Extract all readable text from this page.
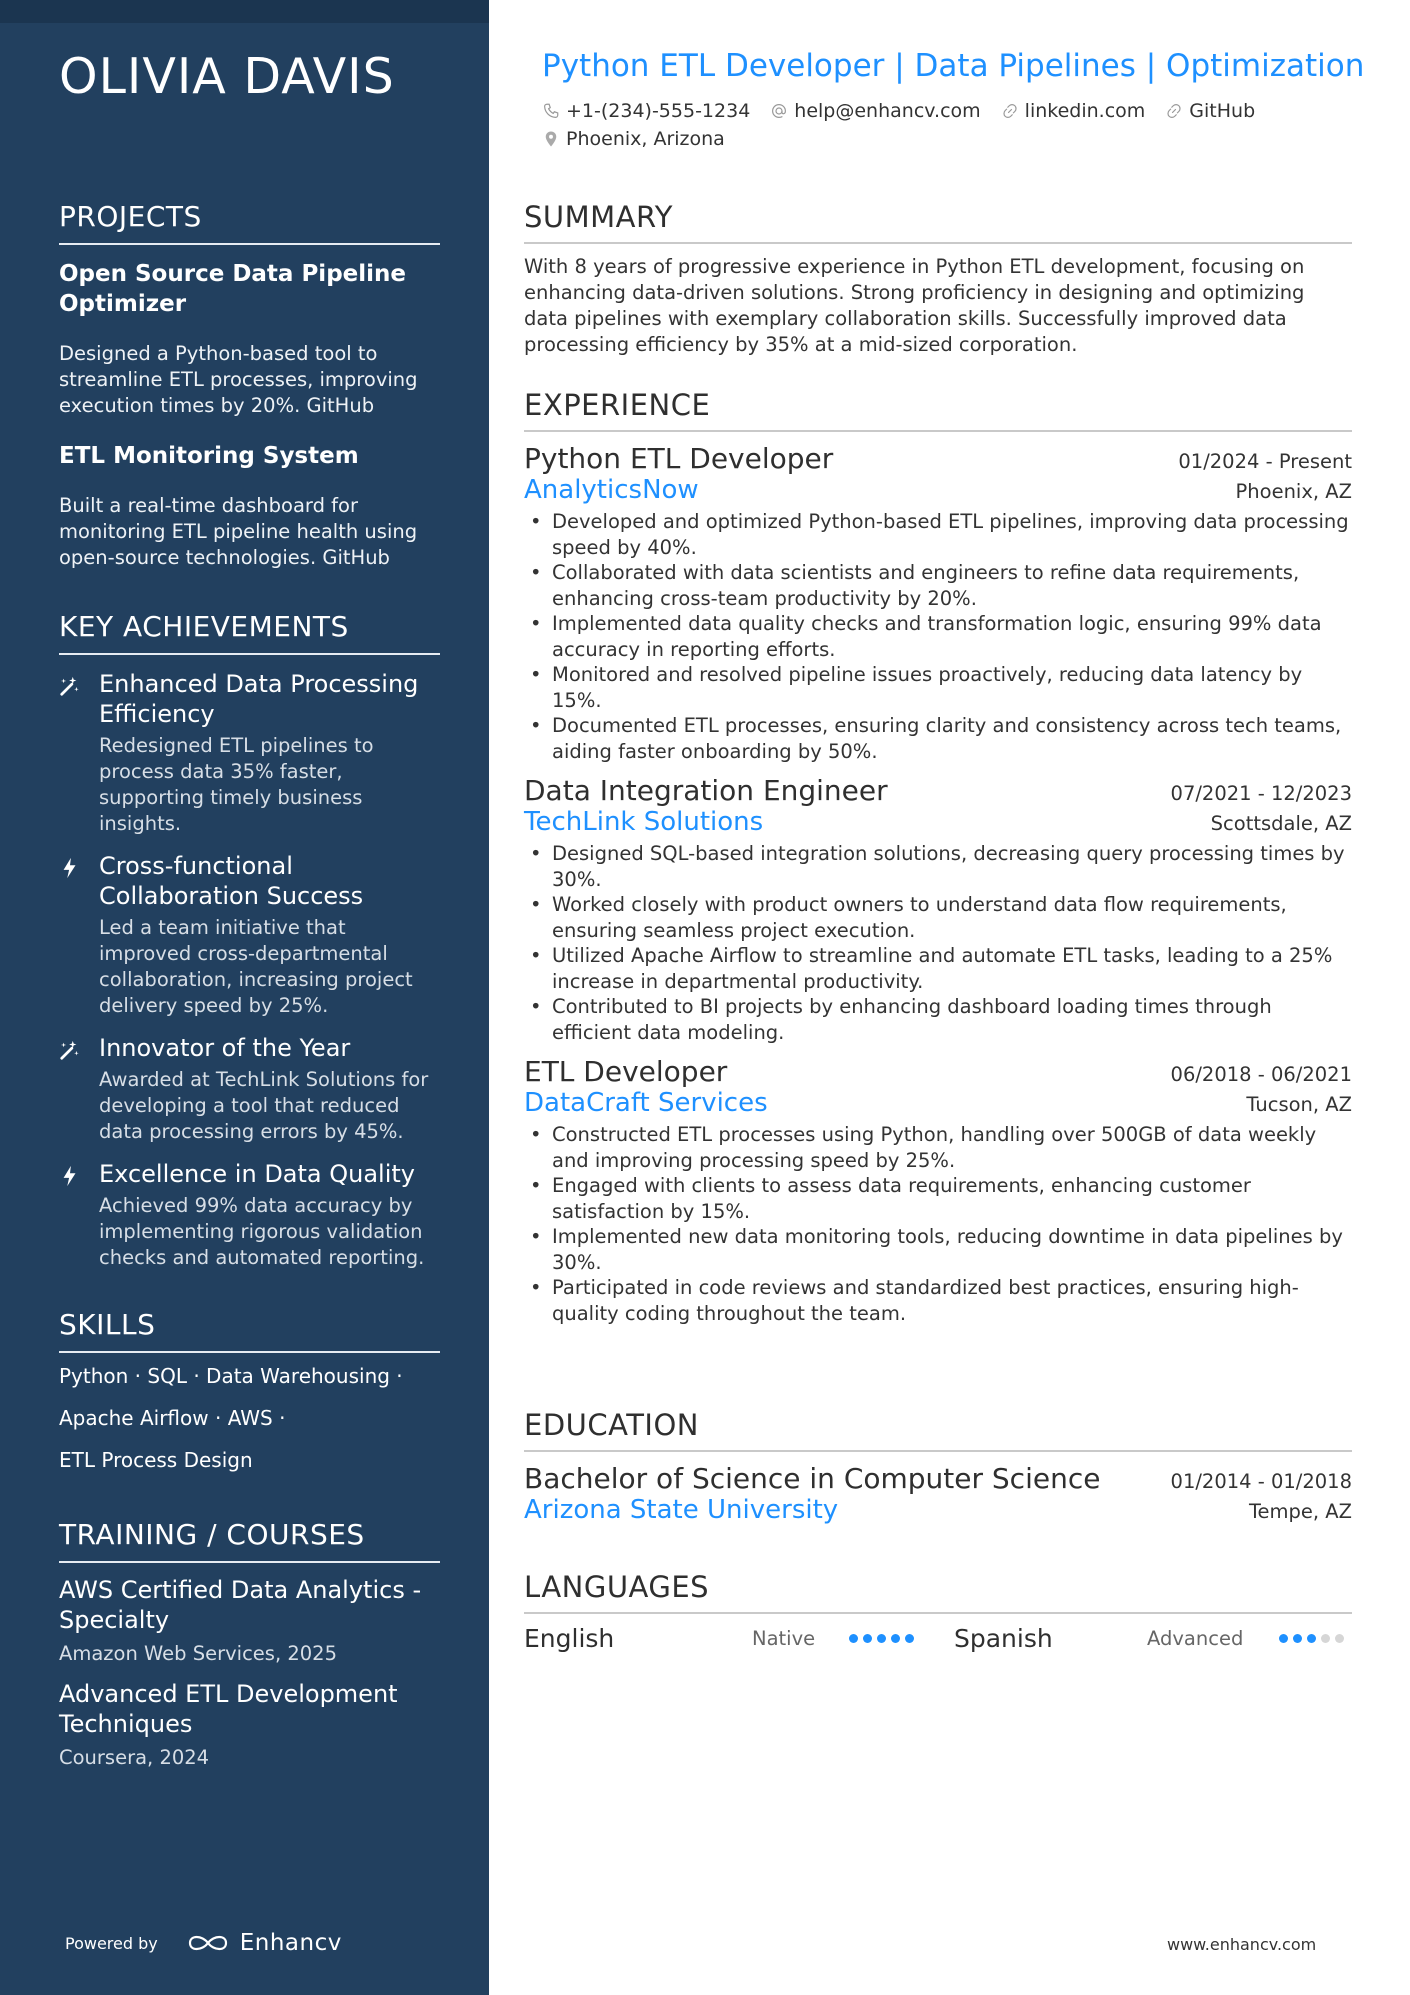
OLIVIA DAVIS
PROJECTS
Open Source Data Pipeline Optimizer
Designed a Python-based tool to streamline ETL processes, improving execution times by 20%. GitHub
ETL Monitoring System
Built a real-time dashboard for monitoring ETL pipeline health using open-source technologies. GitHub
KEY ACHIEVEMENTS
Enhanced Data Processing Efficiency
Redesigned ETL pipelines to process data 35% faster, supporting timely business insights.
Cross-functional Collaboration Success
Led a team initiative that improved cross-departmental collaboration, increasing project delivery speed by 25%.
Innovator of the Year
Awarded at TechLink Solutions for developing a tool that reduced data processing errors by 45%.
Excellence in Data Quality
Achieved 99% data accuracy by implementing rigorous validation checks and automated reporting.
SKILLS
Python · SQL · Data Warehousing ·
Apache Airflow · AWS ·
ETL Process Design
TRAINING / COURSES
AWS Certified Data Analytics - Specialty
Amazon Web Services, 2025
Advanced ETL Development Techniques
Coursera, 2024
Powered by	Enhancv
Python ETL Developer | Data Pipelines | Optimization
+1-(234)-555-1234 help@enhancv.com linkedin.com GitHub
Phoenix, Arizona
SUMMARY
With 8 years of progressive experience in Python ETL development, focusing on enhancing data-driven solutions. Strong proficiency in designing and optimizing data pipelines with exemplary collaboration skills. Successfully improved data processing efficiency by 35% at a mid-sized corporation.
EXPERIENCE
Python ETL Developer	01/2024 - Present
AnalyticsNow	Phoenix, AZ
• Developed and optimized Python-based ETL pipelines, improving data processing speed by 40%.
• Collaborated with data scientists and engineers to refine data requirements, enhancing cross-team productivity by 20%.
• Implemented data quality checks and transformation logic, ensuring 99% data accuracy in reporting efforts.
• Monitored and resolved pipeline issues proactively, reducing data latency by 15%.
• Documented ETL processes, ensuring clarity and consistency across tech teams, aiding faster onboarding by 50%.
Data Integration Engineer	07/2021 - 12/2023
TechLink Solutions	Scottsdale, AZ
• Designed SQL-based integration solutions, decreasing query processing times by 30%.
• Worked closely with product owners to understand data flow requirements, ensuring seamless project execution.
• Utilized Apache Airflow to streamline and automate ETL tasks, leading to a 25% increase in departmental productivity.
• Contributed to BI projects by enhancing dashboard loading times through efficient data modeling.
ETL Developer	06/2018 - 06/2021
DataCraft Services	Tucson, AZ
• Constructed ETL processes using Python, handling over 500GB of data weekly and improving processing speed by 25%.
• Engaged with clients to assess data requirements, enhancing customer satisfaction by 15%.
• Implemented new data monitoring tools, reducing downtime in data pipelines by 30%.
• Participated in code reviews and standardized best practices, ensuring high-quality coding throughout the team.
EDUCATION
Bachelor of Science in Computer Science	01/2014 - 01/2018
Arizona State University	Tempe, AZ
LANGUAGES
English	Native	Spanish	Advanced
www.enhancv.com
